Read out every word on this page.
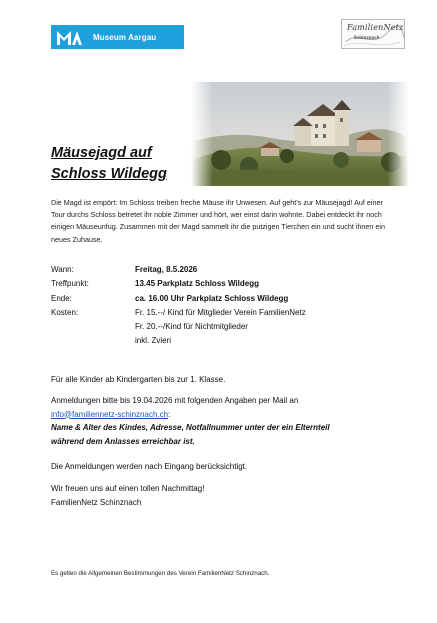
Museum Aargau
FamilienNetz
Schinznach
Mäusejagd auf
Schloss Wildegg

Die Magd ist empört: Im Schloss treiben freche Mäuse ihr Unwesen. Auf geht’s zur Mäusejagd! Auf einer Tour durchs Schloss betretet ihr noble Zimmer und hört, wer einst darin wohnte. Dabei entdeckt ihr noch einigen Mäuseunfug. Zusammen mit der Magd sammelt ihr die putzigen Tierchen ein und sucht ihnen ein neues Zuhause.

Wann:	Freitag, 8.5.2026
Treffpunkt:	13.45 Parkplatz Schloss Wildegg
Ende:	ca. 16.00 Uhr Parkplatz Schloss Wildegg
Kosten:	Fr. 15.--/ Kind für Mitglieder Verein FamilienNetz
Fr. 20.--/Kind für Nichtmitglieder
inkl. Zvieri

Für alle Kinder ab Kindergarten bis zur 1. Klasse.

Anmeldungen bitte bis 19.04.2026 mit folgenden Angaben per Mail an
info@familiennetz-schinznach.ch:
Name & Alter des Kindes, Adresse, Notfallnummer unter der ein Elternteil
während dem Anlasses erreichbar ist.

Die Anmeldungen werden nach Eingang berücksichtigt.

Wir freuen uns auf einen tollen Nachmittag!
FamilienNetz Schinznach

Es gelten die Allgemeinen Bestimmungen des Verein FamilienNetz Schinznach.
